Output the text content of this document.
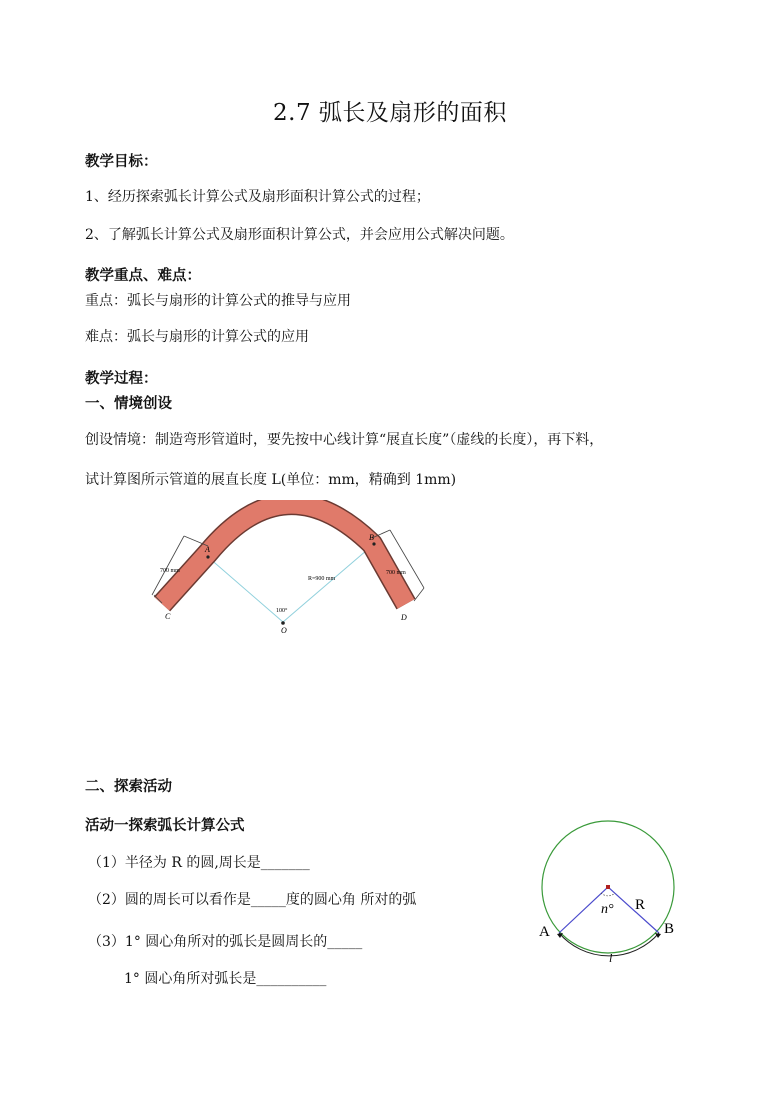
2.7 弧长及扇形的面积
教学目标：
1、经历探索弧长计算公式及扇形面积计算公式的过程；
2、了解弧长计算公式及扇形面积计算公式，并会应用公式解决问题。
教学重点、难点：
重点：弧长与扇形的计算公式的推导与应用
难点：弧长与扇形的计算公式的应用
教学过程：
一、情境创设
创设情境：制造弯形管道时，要先按中心线计算“展直长度”（虚线的长度），再下料，
试计算图所示管道的展直长度 L(单位：mm，精确到 1mm)
A
B
C	D
O
700 mm	700 mm
R=900 mm
100°
二、探索活动
活动一探索弧长计算公式
（1）半径为 R 的圆,周长是_______
（2）圆的周长可以看作是_____度的圆心角 所对的弧
（3）1° 圆心角所对的弧长是圆周长的_____
1° 圆心角所对弧长是__________
A	B
R
n°
l
